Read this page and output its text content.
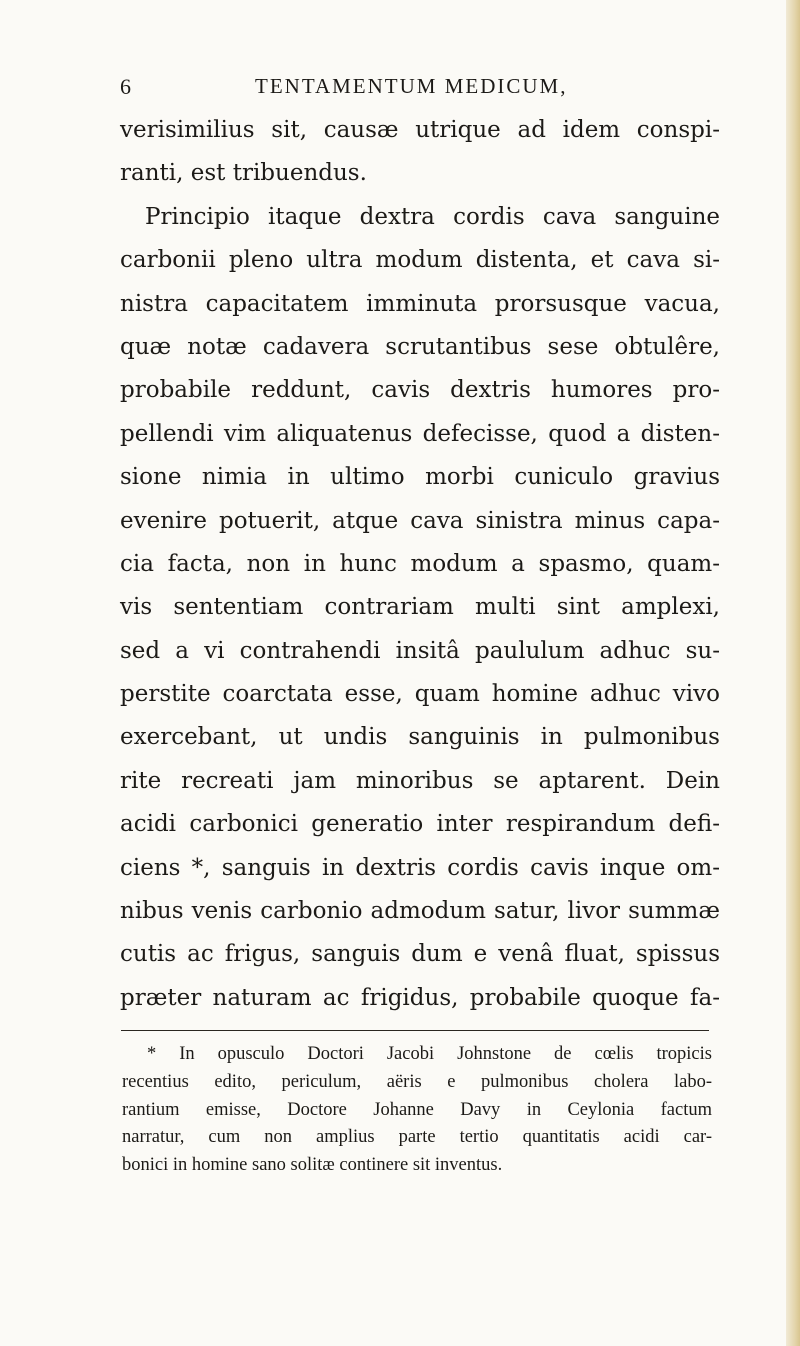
6	TENTAMENTUM MEDICUM,
verisimilius sit, causæ utrique ad idem conspi-
ranti, est tribuendus.
Principio itaque dextra cordis cava sanguine
carbonii pleno ultra modum distenta, et cava si-
nistra capacitatem imminuta prorsusque vacua,
quæ notæ cadavera scrutantibus sese obtulêre,
probabile reddunt, cavis dextris humores pro-
pellendi vim aliquatenus defecisse, quod a disten-
sione nimia in ultimo morbi cuniculo gravius
evenire potuerit, atque cava sinistra minus capa-
cia facta, non in hunc modum a spasmo, quam-
vis sententiam contrariam multi sint amplexi,
sed a vi contrahendi insitâ paululum adhuc su-
perstite coarctata esse, quam homine adhuc vivo
exercebant, ut undis sanguinis in pulmonibus
rite recreati jam minoribus se aptarent. Dein
acidi carbonici generatio inter respirandum defi-
ciens *, sanguis in dextris cordis cavis inque om-
nibus venis carbonio admodum satur, livor summæ
cutis ac frigus, sanguis dum e venâ fluat, spissus
præter naturam ac frigidus, probabile quoque fa-
* In opusculo Doctori Jacobi Johnstone de cœlis tropicis
recentius edito, periculum, aëris e pulmonibus cholera labo-
rantium emisse, Doctore Johanne Davy in Ceylonia factum
narratur, cum non amplius parte tertio quantitatis acidi car-
bonici in homine sano solitæ continere sit inventus.
